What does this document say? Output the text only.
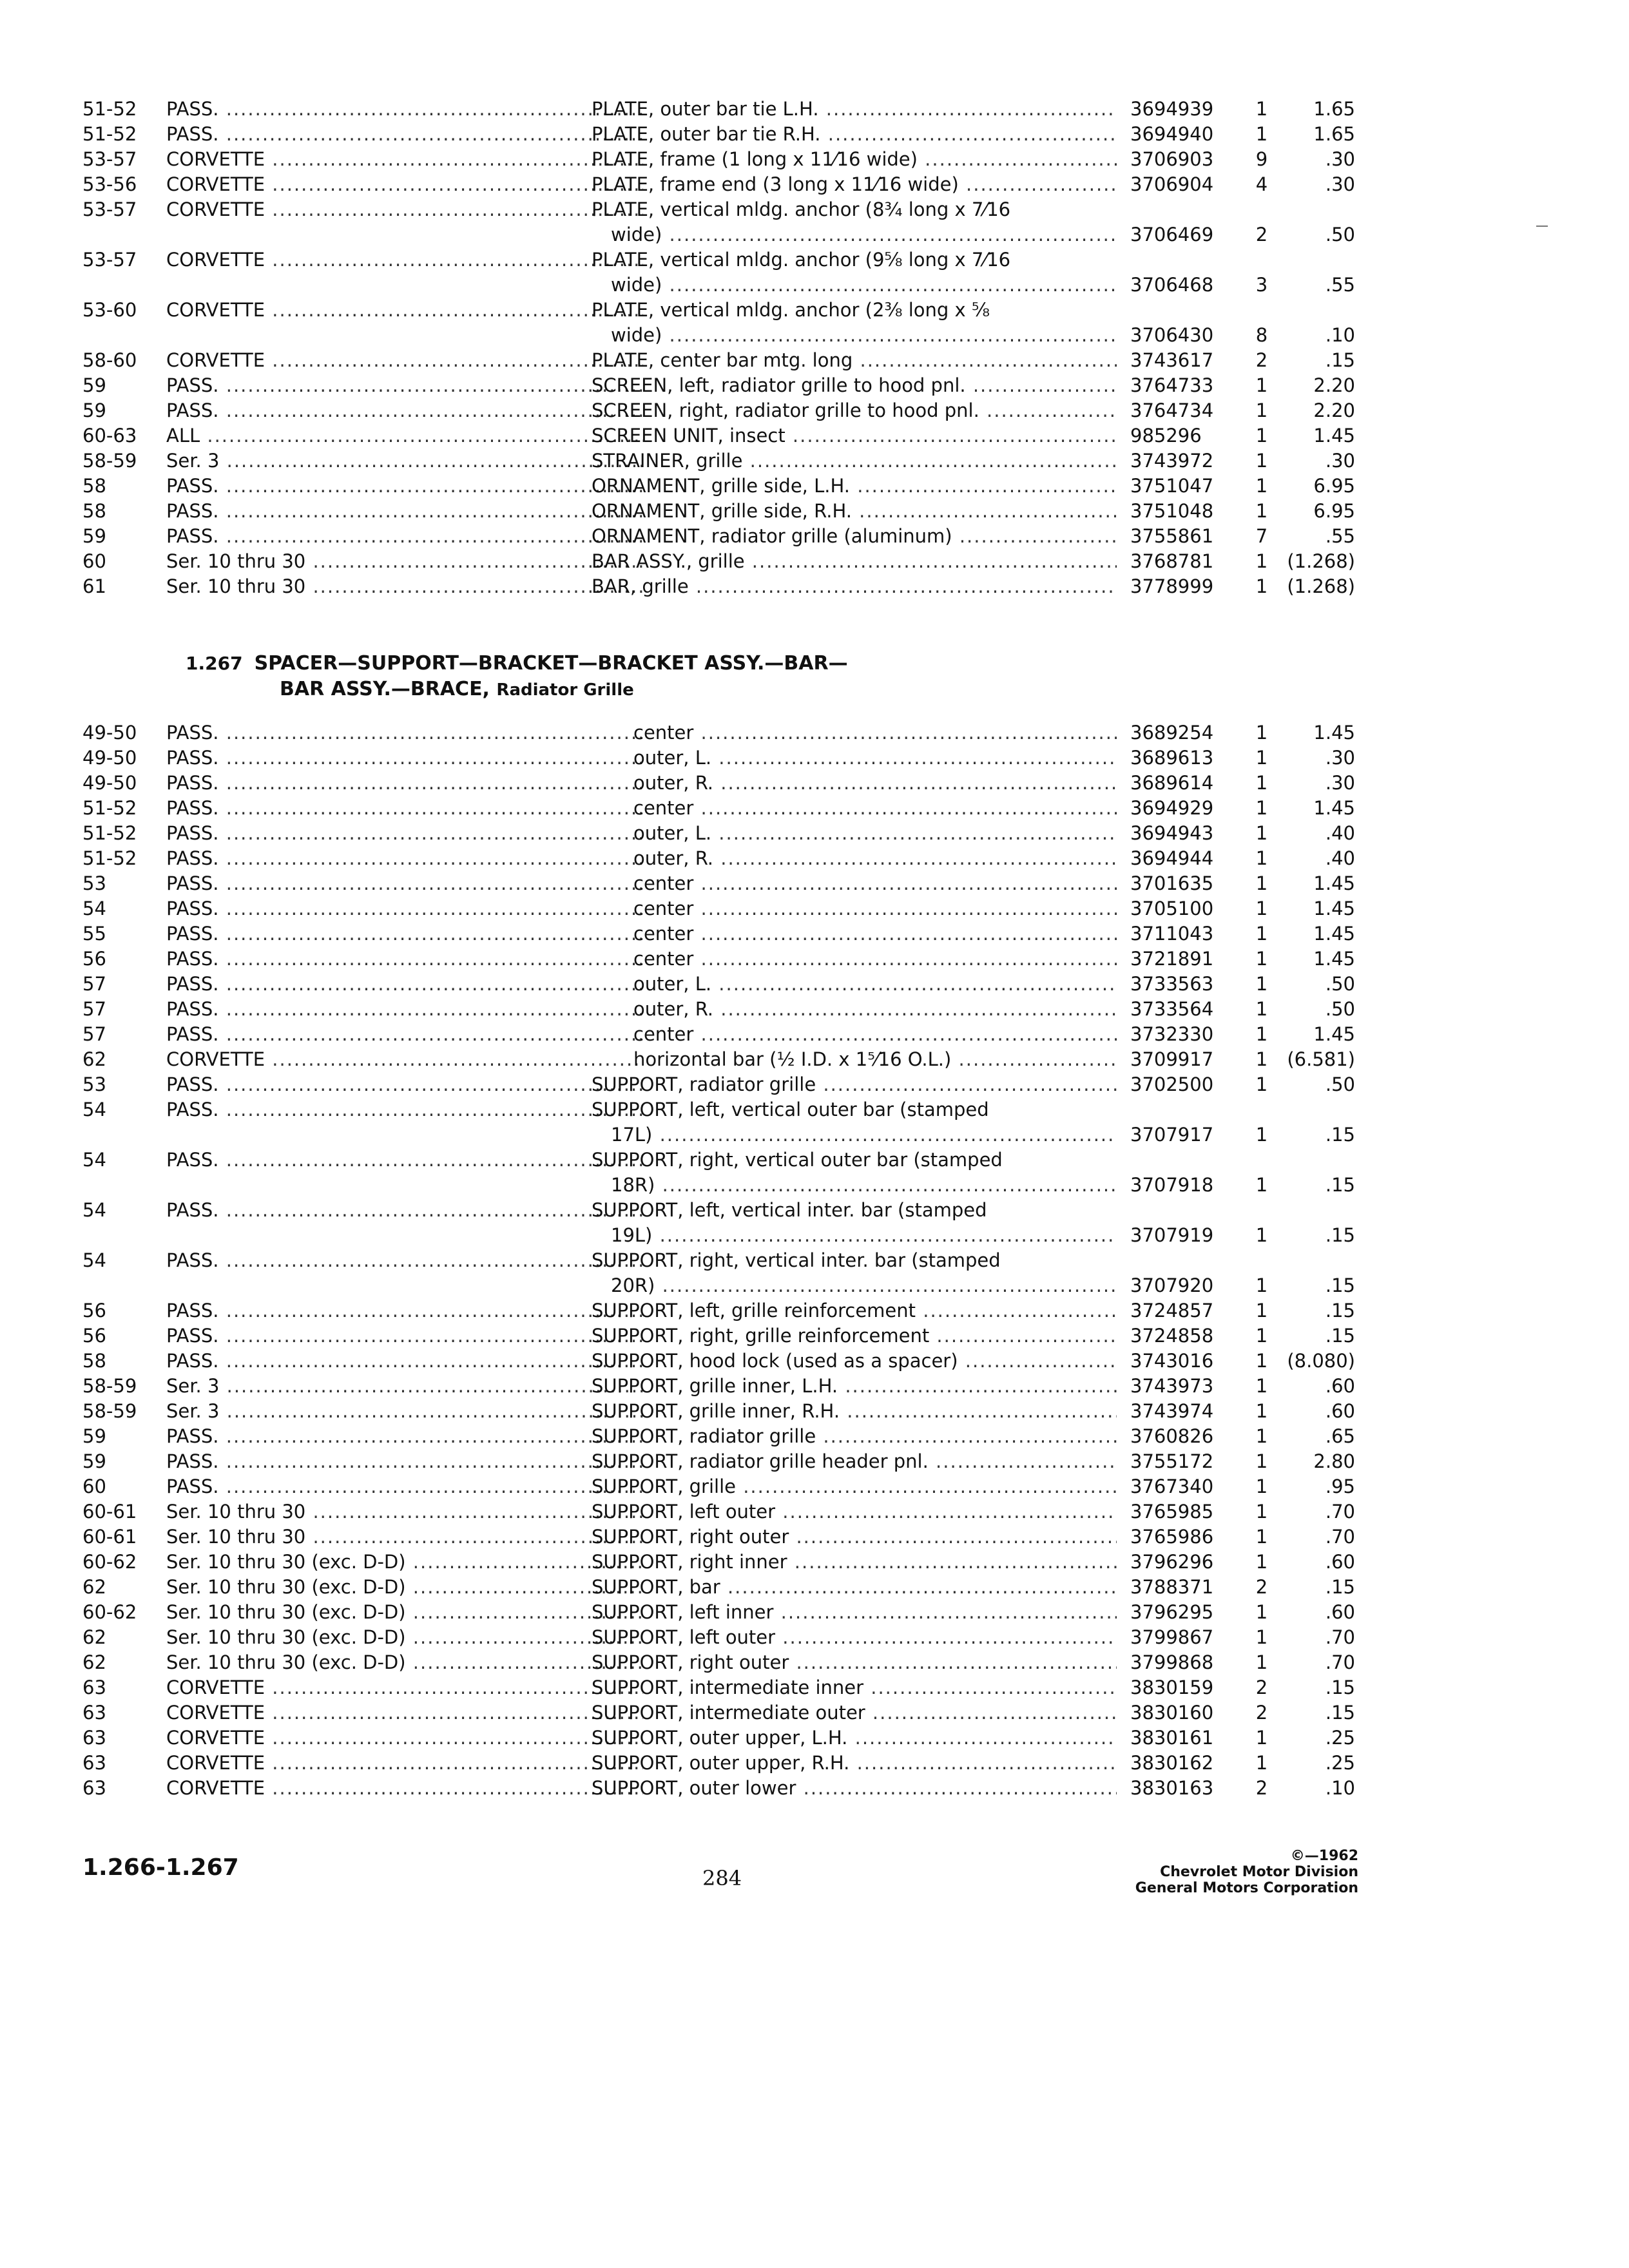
51-52	PASS. .....	PLATE, outer bar tie L.H. .....	3694939	1	1.65
51-52	PASS. .....	PLATE, outer bar tie R.H. .....	3694940	1	1.65
53-57	CORVETTE .....	PLATE, frame (1 long x 11⁄16 wide) .....	3706903	9	.30
53-56	CORVETTE .....	PLATE, frame end (3 long x 11⁄16 wide) .....	3706904	4	.30
53-57	CORVETTE .....	PLATE, vertical mldg. anchor (8¾ long x 7⁄16
wide) .....	3706469	2	.50
53-57	CORVETTE .....	PLATE, vertical mldg. anchor (9⅝ long x 7⁄16
wide) .....	3706468	3	.55
53-60	CORVETTE .....	PLATE, vertical mldg. anchor (2⅜ long x ⅝
wide) .....	3706430	8	.10
58-60	CORVETTE .....	PLATE, center bar mtg. long .....	3743617	2	.15
59	PASS. .....	SCREEN, left, radiator grille to hood pnl. .....	3764733	1	2.20
59	PASS. .....	SCREEN, right, radiator grille to hood pnl. .....	3764734	1	2.20
60-63	ALL .....	SCREEN UNIT, insect .....	985296	1	1.45
58-59	Ser. 3 .....	STRAINER, grille .....	3743972	1	.30
58	PASS. .....	ORNAMENT, grille side, L.H. .....	3751047	1	6.95
58	PASS. .....	ORNAMENT, grille side, R.H. .....	3751048	1	6.95
59	PASS. .....	ORNAMENT, radiator grille (aluminum) .....	3755861	7	.55
60	Ser. 10 thru 30 .....	BAR ASSY., grille .....	3768781	1	(1.268)
61	Ser. 10 thru 30 .....	BAR, grille .....	3778999	1	(1.268)
1.267 SPACER—SUPPORT—BRACKET—BRACKET ASSY.—BAR—
BAR ASSY.—BRACE, Radiator Grille
49-50	PASS. .....	center .....	3689254	1	1.45
49-50	PASS. .....	outer, L. .....	3689613	1	.30
49-50	PASS. .....	outer, R. .....	3689614	1	.30
51-52	PASS. .....	center .....	3694929	1	1.45
51-52	PASS. .....	outer, L. .....	3694943	1	.40
51-52	PASS. .....	outer, R. .....	3694944	1	.40
53	PASS. .....	center .....	3701635	1	1.45
54	PASS. .....	center .....	3705100	1	1.45
55	PASS. .....	center .....	3711043	1	1.45
56	PASS. .....	center .....	3721891	1	1.45
57	PASS. .....	outer, L. .....	3733563	1	.50
57	PASS. .....	outer, R. .....	3733564	1	.50
57	PASS. .....	center .....	3732330	1	1.45
62	CORVETTE .....	horizontal bar (½ I.D. x 1⁵⁄16 O.L.) .....	3709917	1	(6.581)
53	PASS. .....	SUPPORT, radiator grille .....	3702500	1	.50
54	PASS. .....	SUPPORT, left, vertical outer bar (stamped
17L) .....	3707917	1	.15
54	PASS. .....	SUPPORT, right, vertical outer bar (stamped
18R) .....	3707918	1	.15
54	PASS. .....	SUPPORT, left, vertical inter. bar (stamped
19L) .....	3707919	1	.15
54	PASS. .....	SUPPORT, right, vertical inter. bar (stamped
20R) .....	3707920	1	.15
56	PASS. .....	SUPPORT, left, grille reinforcement .....	3724857	1	.15
56	PASS. .....	SUPPORT, right, grille reinforcement .....	3724858	1	.15
58	PASS. .....	SUPPORT, hood lock (used as a spacer) .....	3743016	1	(8.080)
58-59	Ser. 3 .....	SUPPORT, grille inner, L.H. .....	3743973	1	.60
58-59	Ser. 3 .....	SUPPORT, grille inner, R.H. .....	3743974	1	.60
59	PASS. .....	SUPPORT, radiator grille .....	3760826	1	.65
59	PASS. .....	SUPPORT, radiator grille header pnl. .....	3755172	1	2.80
60	PASS. .....	SUPPORT, grille .....	3767340	1	.95
60-61	Ser. 10 thru 30 .....	SUPPORT, left outer .....	3765985	1	.70
60-61	Ser. 10 thru 30 .....	SUPPORT, right outer .....	3765986	1	.70
60-62	Ser. 10 thru 30 (exc. D-D) .....	SUPPORT, right inner .....	3796296	1	.60
62	Ser. 10 thru 30 (exc. D-D) .....	SUPPORT, bar .....	3788371	2	.15
60-62	Ser. 10 thru 30 (exc. D-D) .....	SUPPORT, left inner .....	3796295	1	.60
62	Ser. 10 thru 30 (exc. D-D) .....	SUPPORT, left outer .....	3799867	1	.70
62	Ser. 10 thru 30 (exc. D-D) .....	SUPPORT, right outer .....	3799868	1	.70
63	CORVETTE .....	SUPPORT, intermediate inner .....	3830159	2	.15
63	CORVETTE .....	SUPPORT, intermediate outer .....	3830160	2	.15
63	CORVETTE .....	SUPPORT, outer upper, L.H. .....	3830161	1	.25
63	CORVETTE .....	SUPPORT, outer upper, R.H. .....	3830162	1	.25
63	CORVETTE .....	SUPPORT, outer lower .....	3830163	2	.10
1.266-1.267	284
©—1962
Chevrolet Motor Division
General Motors Corporation
